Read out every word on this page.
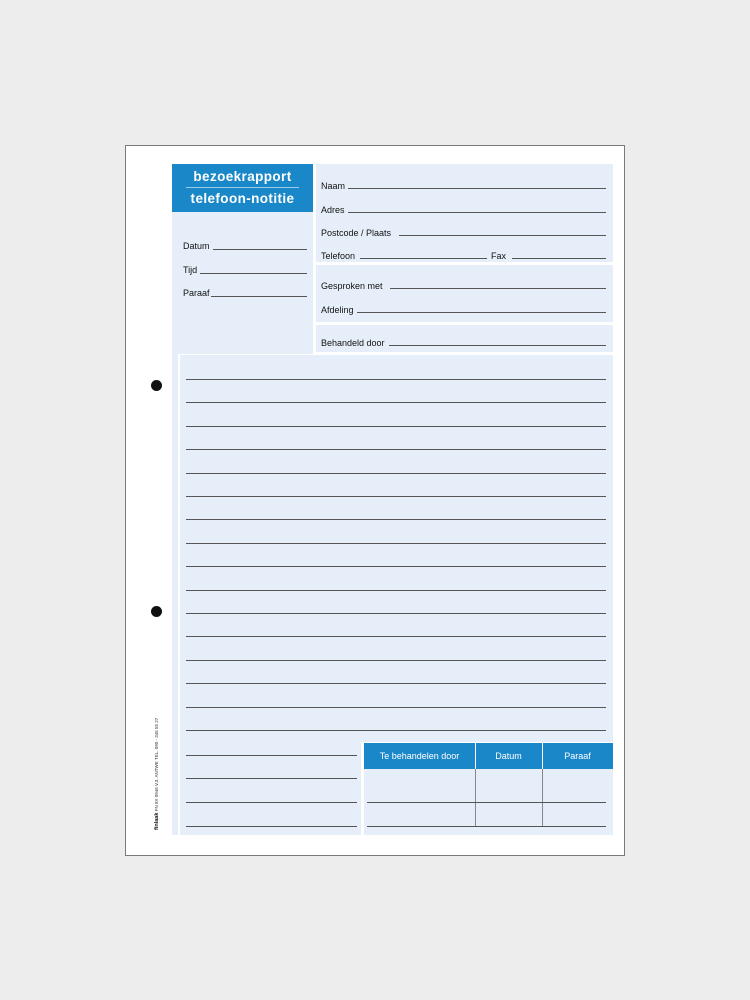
bezoekrapport
telefoon-notitie
Datum
Tijd
Paraaf
Naam
Adres
Postcode / Plaats
Telefoon	Fax
Gesproken met
Afdeling
Behandeld door
Te behandelen door	Datum	Paraaf
finlaak FN 8X 0946 V.3. ANTWE TEL. 090 - 345 55 27
